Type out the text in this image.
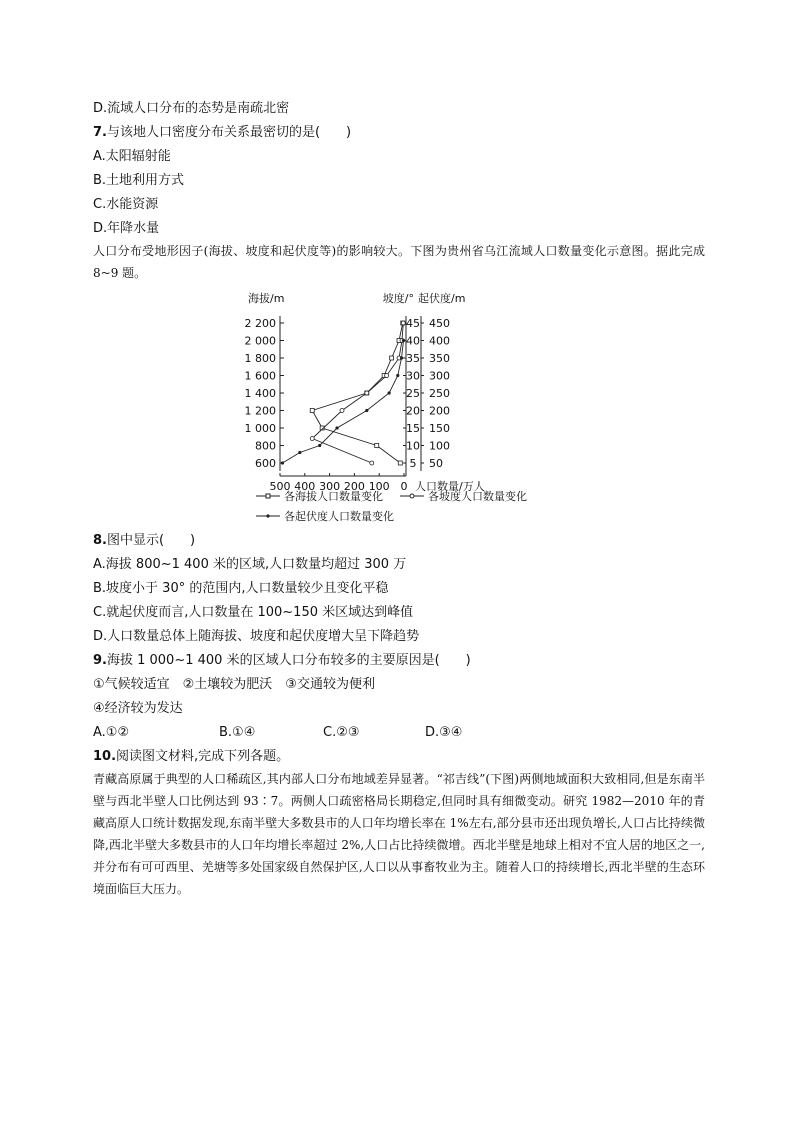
D.流域人口分布的态势是南疏北密
7.与该地人口密度分布关系最密切的是(　　)
A.太阳辐射能
B.土地利用方式
C.水能资源
D.年降水量
人口分布受地形因子(海拔、坡度和起伏度等)的影响较大。下图为贵州省乌江流域人口数量变化示意图。据此完成 8~9 题。
海拔/m	坡度/° 起伏度/m
600
800
1 000
1 200
1 400
1 600
1 800
2 000
2 200
5
10
15
20
25
30
35
40
45
50
100
150
200
250
300
350
400
450
500 400 300 200 100 0 人口数量/万人
各海拔人口数量变化	各坡度人口数量变化
各起伏度人口数量变化
8.图中显示(　　)
A.海拔 800~1 400 米的区域,人口数量均超过 300 万
B.坡度小于 30° 的范围内,人口数量较少且变化平稳
C.就起伏度而言,人口数量在 100~150 米区域达到峰值
D.人口数量总体上随海拔、坡度和起伏度增大呈下降趋势
9.海拔 1 000~1 400 米的区域人口分布较多的主要原因是(　　)
①气候较适宜　②土壤较为肥沃　③交通较为便利
④经济较为发达
A.①②	B.①④	C.②③	D.③④
10.阅读图文材料,完成下列各题。
青藏高原属于典型的人口稀疏区,其内部人口分布地域差异显著。“祁吉线”(下图)两侧地域面积大致相同,但是东南半壁与西北半壁人口比例达到 93∶7。两侧人口疏密格局长期稳定,但同时具有细微变动。研究 1982—2010 年的青藏高原人口统计数据发现,东南半壁大多数县市的人口年均增长率在 1%左右,部分县市还出现负增长,人口占比持续微降,西北半壁大多数县市的人口年均增长率超过 2%,人口占比持续微增。西北半壁是地球上相对不宜人居的地区之一,并分布有可可西里、羌塘等多处国家级自然保护区,人口以从事畜牧业为主。随着人口的持续增长,西北半壁的生态环境面临巨大压力。
